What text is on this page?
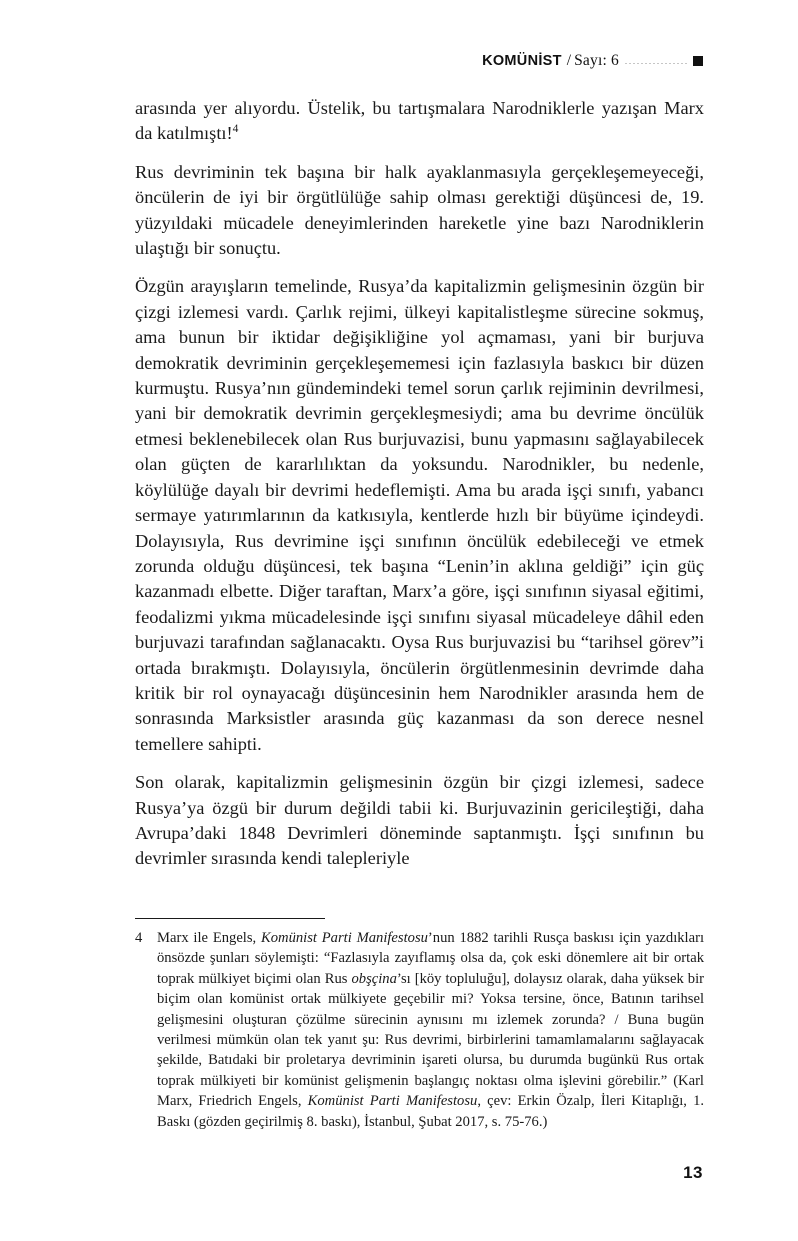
KOMÜNİST / Sayı: 6

arasında yer alıyordu. Üstelik, bu tartışmalara Narodniklerle yazışan Marx da katılmıştı!$^4$

Rus devriminin tek başına bir halk ayaklanmasıyla gerçekleşemeyeceği, öncülerin de iyi bir örgütlülüğe sahip olması gerektiği düşüncesi de, 19. yüzyıldaki mücadele deneyimlerinden hareketle yine bazı Narodniklerin ulaştığı bir sonuçtu.

Özgün arayışların temelinde, Rusya’da kapitalizmin gelişmesinin özgün bir çizgi izlemesi vardı. Çarlık rejimi, ülkeyi kapitalistleşme sürecine sokmuş, ama bunun bir iktidar değişikliğine yol açmaması, yani bir burjuva demokratik devriminin gerçekleşememesi için fazlasıyla baskıcı bir düzen kurmuştu. Rusya’nın gündemindeki temel sorun çarlık rejiminin devrilmesi, yani bir demokratik devrimin gerçekleşmesiydi; ama bu devrime öncülük etmesi beklenebilecek olan Rus burjuvazisi, bunu yapmasını sağlayabilecek olan güçten de kararlılıktan da yoksundu. Narodnikler, bu nedenle, köylülüğe dayalı bir devrimi hedeflemişti. Ama bu arada işçi sınıfı, yabancı sermaye yatırımlarının da katkısıyla, kentlerde hızlı bir büyüme içindeydi. Dolayısıyla, Rus devrimine işçi sınıfının öncülük edebileceği ve etmek zorunda olduğu düşüncesi, tek başına “Lenin’in aklına geldiği” için güç kazanmadı elbette. Diğer taraftan, Marx’a göre, işçi sınıfının siyasal eğitimi, feodalizmi yıkma mücadelesinde işçi sınıfını siyasal mücadeleye dâhil eden burjuvazi tarafından sağlanacaktı. Oysa Rus burjuvazisi bu “tarihsel görev”i ortada bırakmıştı. Dolayısıyla, öncülerin örgütlenmesinin devrimde daha kritik bir rol oynayacağı düşüncesinin hem Narodnikler arasında hem de sonrasında Marksistler arasında güç kazanması da son derece nesnel temellere sahipti.

Son olarak, kapitalizmin gelişmesinin özgün bir çizgi izlemesi, sadece Rusya’ya özgü bir durum değildi tabii ki. Burjuvazinin gericileştiği, daha Avrupa’daki 1848 Devrimleri döneminde saptanmıştı. İşçi sınıfının bu devrimler sırasında kendi talepleriyle

4	Marx ile Engels, Komünist Parti Manifestosu’nun 1882 tarihli Rusça baskısı için yazdıkları önsözde şunları söylemişti: “Fazlasıyla zayıflamış olsa da, çok eski dönemlere ait bir ortak toprak mülkiyet biçimi olan Rus obşçina’sı [köy topluluğu], dolaysız olarak, daha yüksek bir biçim olan komünist ortak mülkiyete geçebilir mi? Yoksa tersine, önce, Batının tarihsel gelişmesini oluşturan çözülme sürecinin aynısını mı izlemek zorunda? / Buna bugün verilmesi mümkün olan tek yanıt şu: Rus devrimi, birbirlerini tamamlamalarını sağlayacak şekilde, Batıdaki bir proletarya devriminin işareti olursa, bu durumda bugünkü Rus ortak toprak mülkiyeti bir komünist gelişmenin başlangıç noktası olma işlevini görebilir.” (Karl Marx, Friedrich Engels, Komünist Parti Manifestosu, çev: Erkin Özalp, İleri Kitaplığı, 1. Baskı (gözden geçirilmiş 8. baskı), İstanbul, Şubat 2017, s. 75-76.)
13
